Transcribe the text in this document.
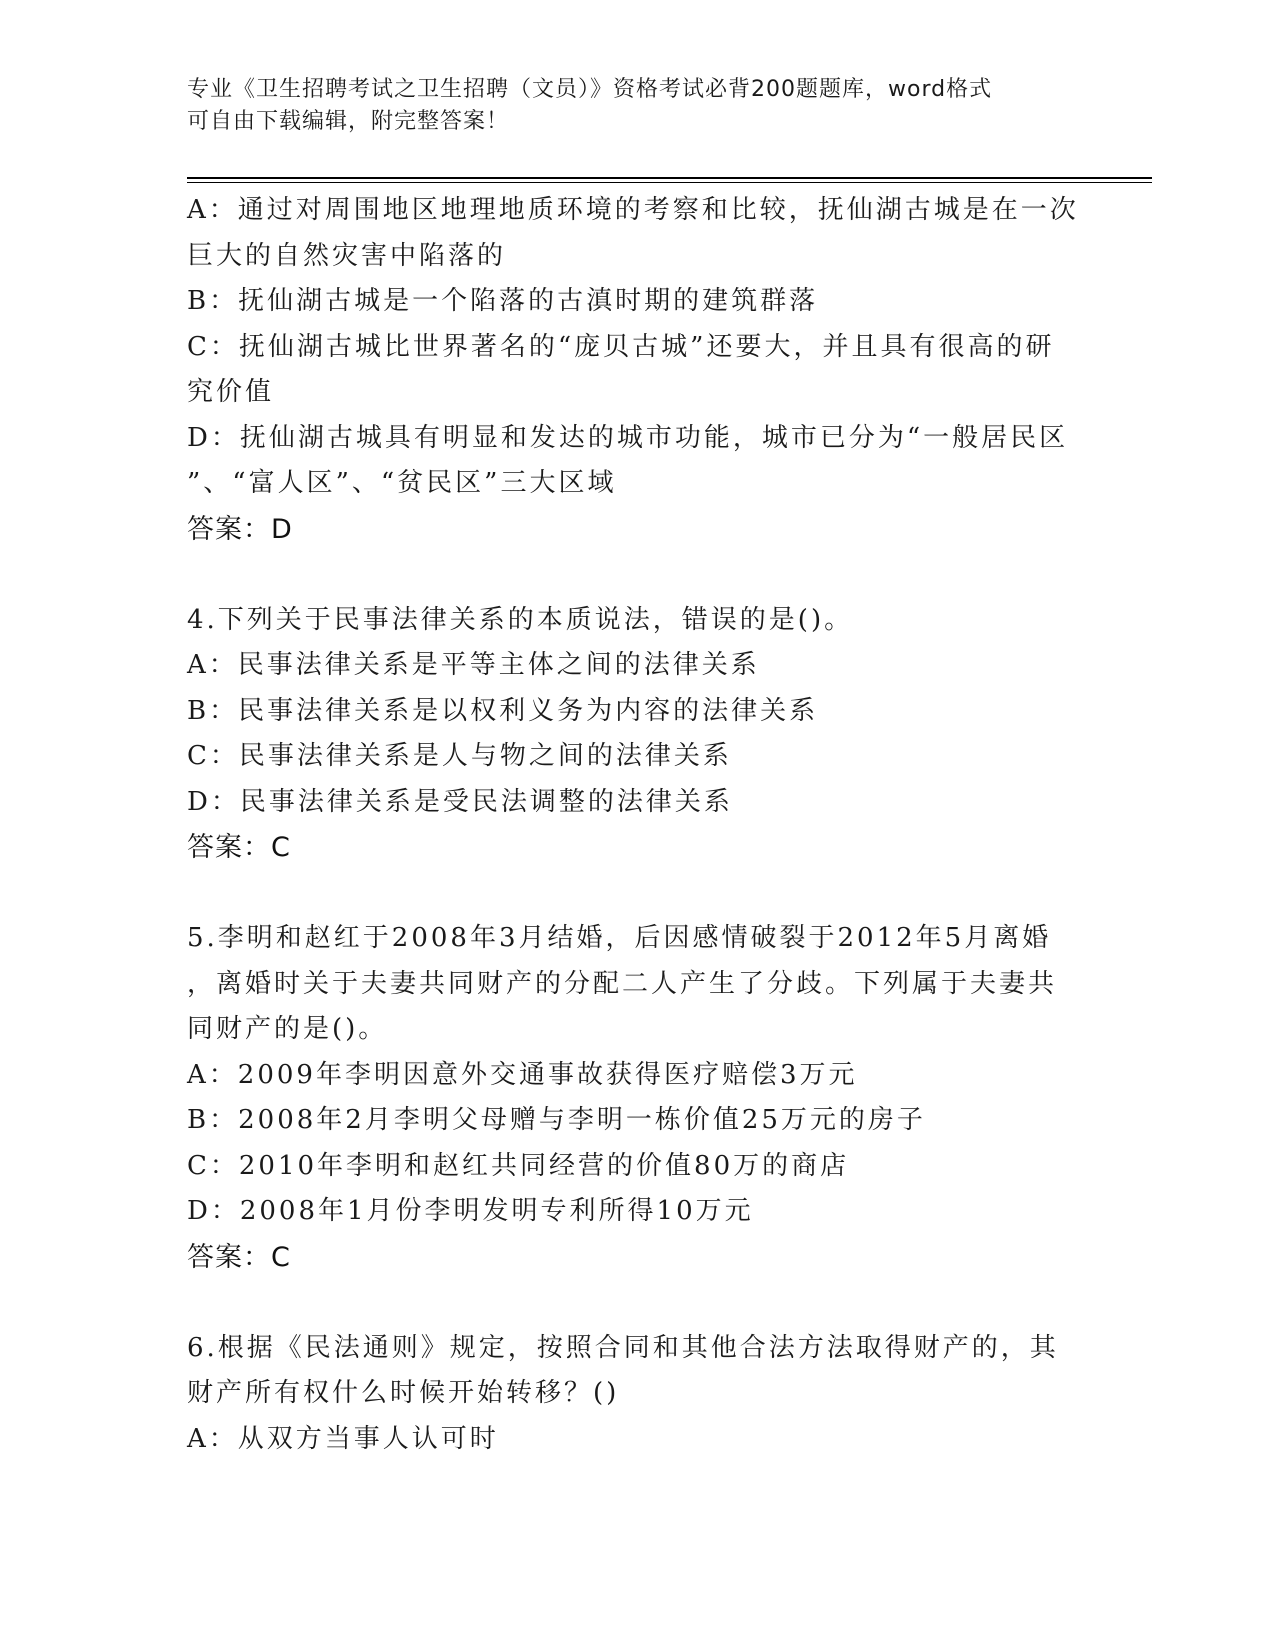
专业《卫生招聘考试之卫生招聘（文员）》资格考试必背200题题库，word格式
可自由下载编辑，附完整答案！
A：通过对周围地区地理地质环境的考察和比较，抚仙湖古城是在一次
巨大的自然灾害中陷落的
B：抚仙湖古城是一个陷落的古滇时期的建筑群落
C：抚仙湖古城比世界著名的“庞贝古城”还要大，并且具有很高的研
究价值
D：抚仙湖古城具有明显和发达的城市功能，城市已分为“一般居民区
”、“富人区”、“贫民区”三大区域
答案：D
4.下列关于民事法律关系的本质说法，错误的是()。
A：民事法律关系是平等主体之间的法律关系
B：民事法律关系是以权利义务为内容的法律关系
C：民事法律关系是人与物之间的法律关系
D：民事法律关系是受民法调整的法律关系
答案：C
5.李明和赵红于2008年3月结婚，后因感情破裂于2012年5月离婚
，离婚时关于夫妻共同财产的分配二人产生了分歧。下列属于夫妻共
同财产的是()。
A：2009年李明因意外交通事故获得医疗赔偿3万元
B：2008年2月李明父母赠与李明一栋价值25万元的房子
C：2010年李明和赵红共同经营的价值80万的商店
D：2008年1月份李明发明专利所得10万元
答案：C
6.根据《民法通则》规定，按照合同和其他合法方法取得财产的，其
财产所有权什么时候开始转移？()
A：从双方当事人认可时
